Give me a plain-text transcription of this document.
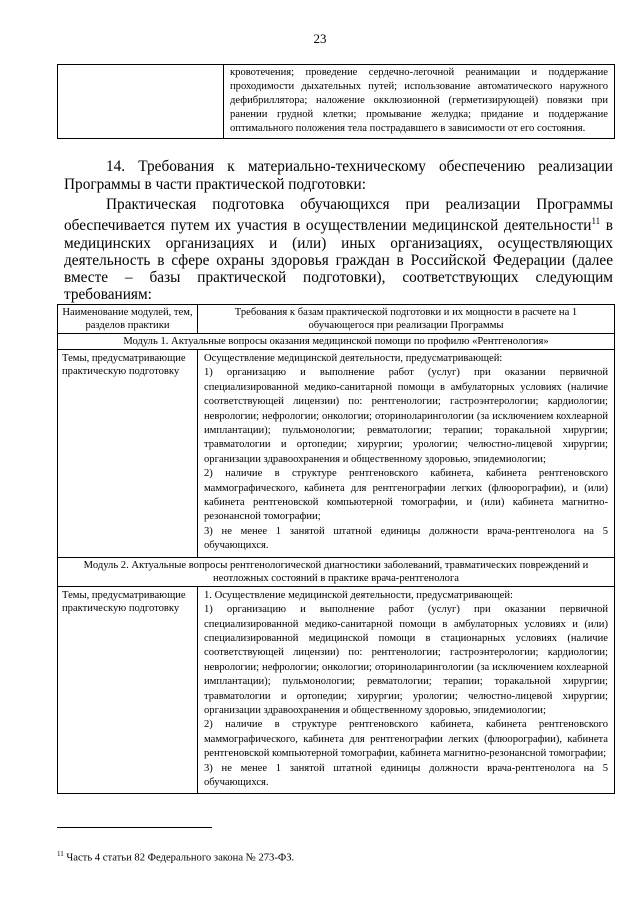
23
	кровотечения; проведение сердечно-легочной реанимации и поддержание проходимости дыхательных путей; использование автоматического наружного дефибриллятора; наложение окклюзионной (герметизирующей) повязки при ранении грудной клетки; промывание желудка; придание и поддержание оптимального положения тела пострадавшего в зависимости от его состояния.
14. Требования к материально-техническому обеспечению реализации Программы в части практической подготовки:
Практическая подготовка обучающихся при реализации Программы обеспечивается путем их участия в осуществлении медицинской деятельности$^{11}$ в медицинских организациях и (или) иных организациях, осуществляющих деятельность в сфере охраны здоровья граждан в Российской Федерации (далее вместе – базы практической подготовки), соответствующих следующим требованиям:
Наименование модулей, тем, разделов практики	Требования к базам практической подготовки и их мощности в расчете на 1 обучающегося при реализации Программы
Модуль 1. Актуальные вопросы оказания медицинской помощи по профилю «Рентгенология»	
Темы, предусматривающие практическую подготовку	Осуществление медицинской деятельности, предусматривающей:

1) организацию и выполнение работ (услуг) при оказании первичной специализированной медико-санитарной помощи в амбулаторных условиях (наличие соответствующей лицензии) по: рентгенологии; гастроэнтерологии; кардиологии; неврологии; нефрологии; онкологии; оториноларингологии (за исключением кохлеарной имплантации); пульмонологии; ревматологии; терапии; торакальной хирургии; травматологии и ортопедии; хирургии; урологии; челюстно-лицевой хирургии; организации здравоохранения и общественному здоровью, эпидемиологии;

2) наличие в структуре рентгеновского кабинета, кабинета рентгеновского маммографического, кабинета для рентгенографии легких (флюорографии), и (или) кабинета рентгеновской компьютерной томографии, и (или) кабинета магнитно-резонансной томографии;

3) не менее 1 занятой штатной единицы должности врача-рентгенолога на 5 обучающихся.

Модуль 2. Актуальные вопросы рентгенологической диагностики заболеваний, травматических повреждений и неотложных состояний в практике врача-рентгенолога	
Темы, предусматривающие практическую подготовку	1. Осуществление медицинской деятельности, предусматривающей:

1) организацию и выполнение работ (услуг) при оказании первичной специализированной медико-санитарной помощи в амбулаторных условиях и (или) специализированной медицинской помощи в стационарных условиях (наличие соответствующей лицензии) по: рентгенологии; гастроэнтерологии; кардиологии; неврологии; нефрологии; онкологии; оториноларингологии (за исключением кохлеарной имплантации); пульмонологии; ревматологии; терапии; торакальной хирургии; травматологии и ортопедии; хирургии; урологии; челюстно-лицевой хирургии; организации здравоохранения и общественному здоровью, эпидемиологии;

2) наличие в структуре рентгеновского кабинета, кабинета рентгеновского маммографического, кабинета для рентгенографии легких (флюорографии), кабинета рентгеновской компьютерной томографии, кабинета магнитно-резонансной томографии;

3) не менее 1 занятой штатной единицы должности врача-рентгенолога на 5 обучающихся.

$^{11}$ Часть 4 статьи 82 Федерального закона № 273-ФЗ.
